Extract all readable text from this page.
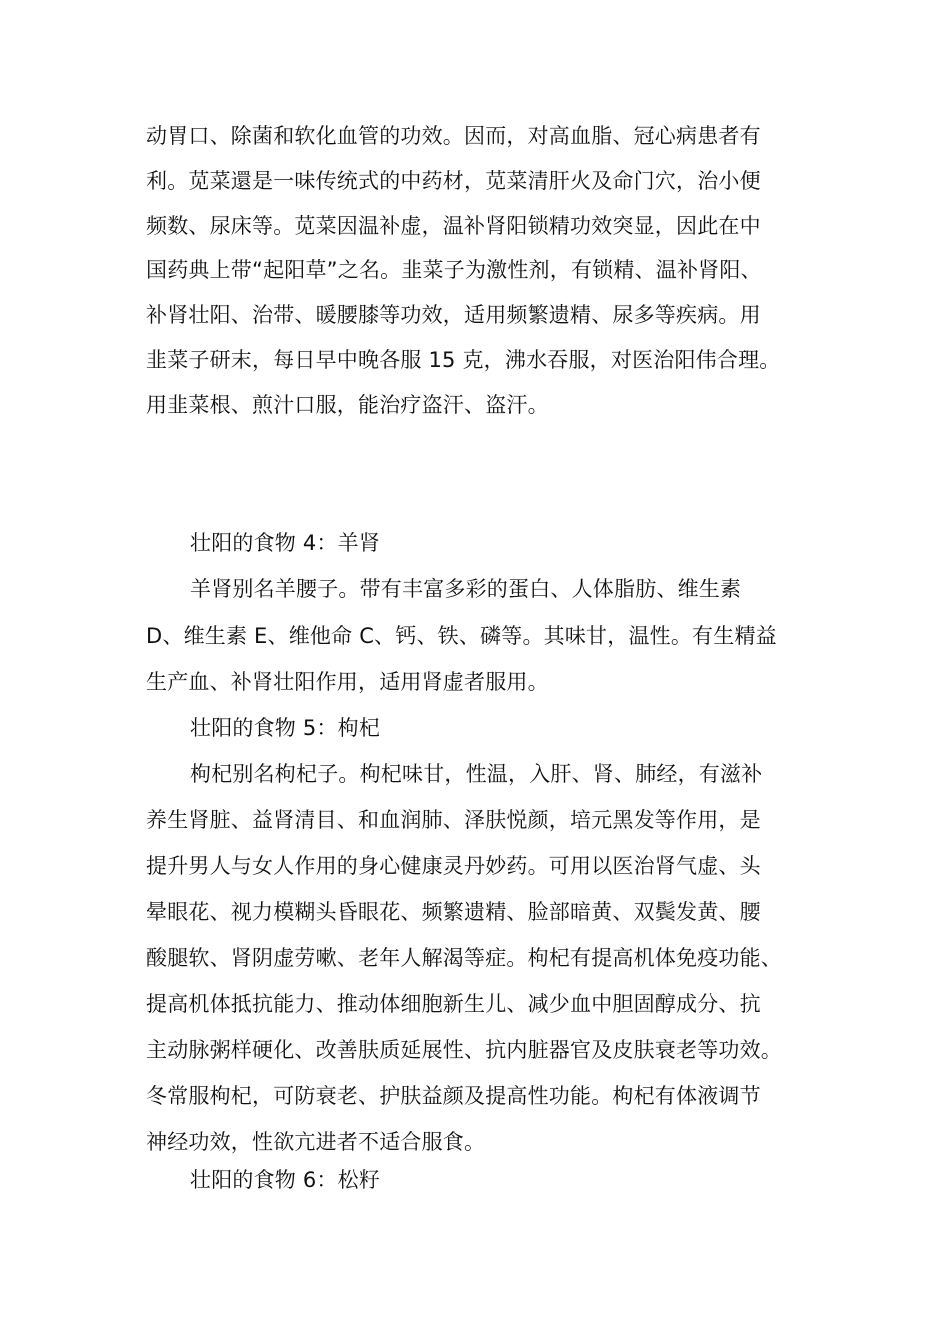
动胃口、除菌和软化血管的功效。因而，对高血脂、冠心病患者有
利。苋菜還是一味传统式的中药材，苋菜清肝火及命门穴，治小便
频数、尿床等。苋菜因温补虚，温补肾阳锁精功效突显，因此在中
国药典上带“起阳草”之名。韭菜子为激性剂，有锁精、温补肾阳、
补肾壮阳、治带、暖腰膝等功效，适用频繁遗精、尿多等疾病。用
韭菜子研末，每日早中晚各服 15 克，沸水吞服，对医治阳伟合理。
用韭菜根、煎汁口服，能治疗盗汗、盗汗。
壮阳的食物 4：羊肾
羊肾别名羊腰子。带有丰富多彩的蛋白、人体脂肪、维生素
D、维生素 E、维他命 C、钙、铁、磷等。其味甘，温性。有生精益
生产血、补肾壮阳作用，适用肾虚者服用。
壮阳的食物 5：枸杞
枸杞别名枸杞子。枸杞味甘，性温，入肝、肾、肺经，有滋补
养生肾脏、益肾清目、和血润肺、泽肤悦颜，培元黑发等作用，是
提升男人与女人作用的身心健康灵丹妙药。可用以医治肾气虚、头
晕眼花、视力模糊头昏眼花、频繁遗精、脸部暗黄、双鬓发黄、腰
酸腿软、肾阴虚劳嗽、老年人解渴等症。枸杞有提高机体免疫功能、
提高机体抵抗能力、推动体细胞新生儿、减少血中胆固醇成分、抗
主动脉粥样硬化、改善肤质延展性、抗内脏器官及皮肤衰老等功效。
冬常服枸杞，可防衰老、护肤益颜及提高性功能。枸杞有体液调节
神经功效，性欲亢进者不适合服食。
壮阳的食物 6：松籽
